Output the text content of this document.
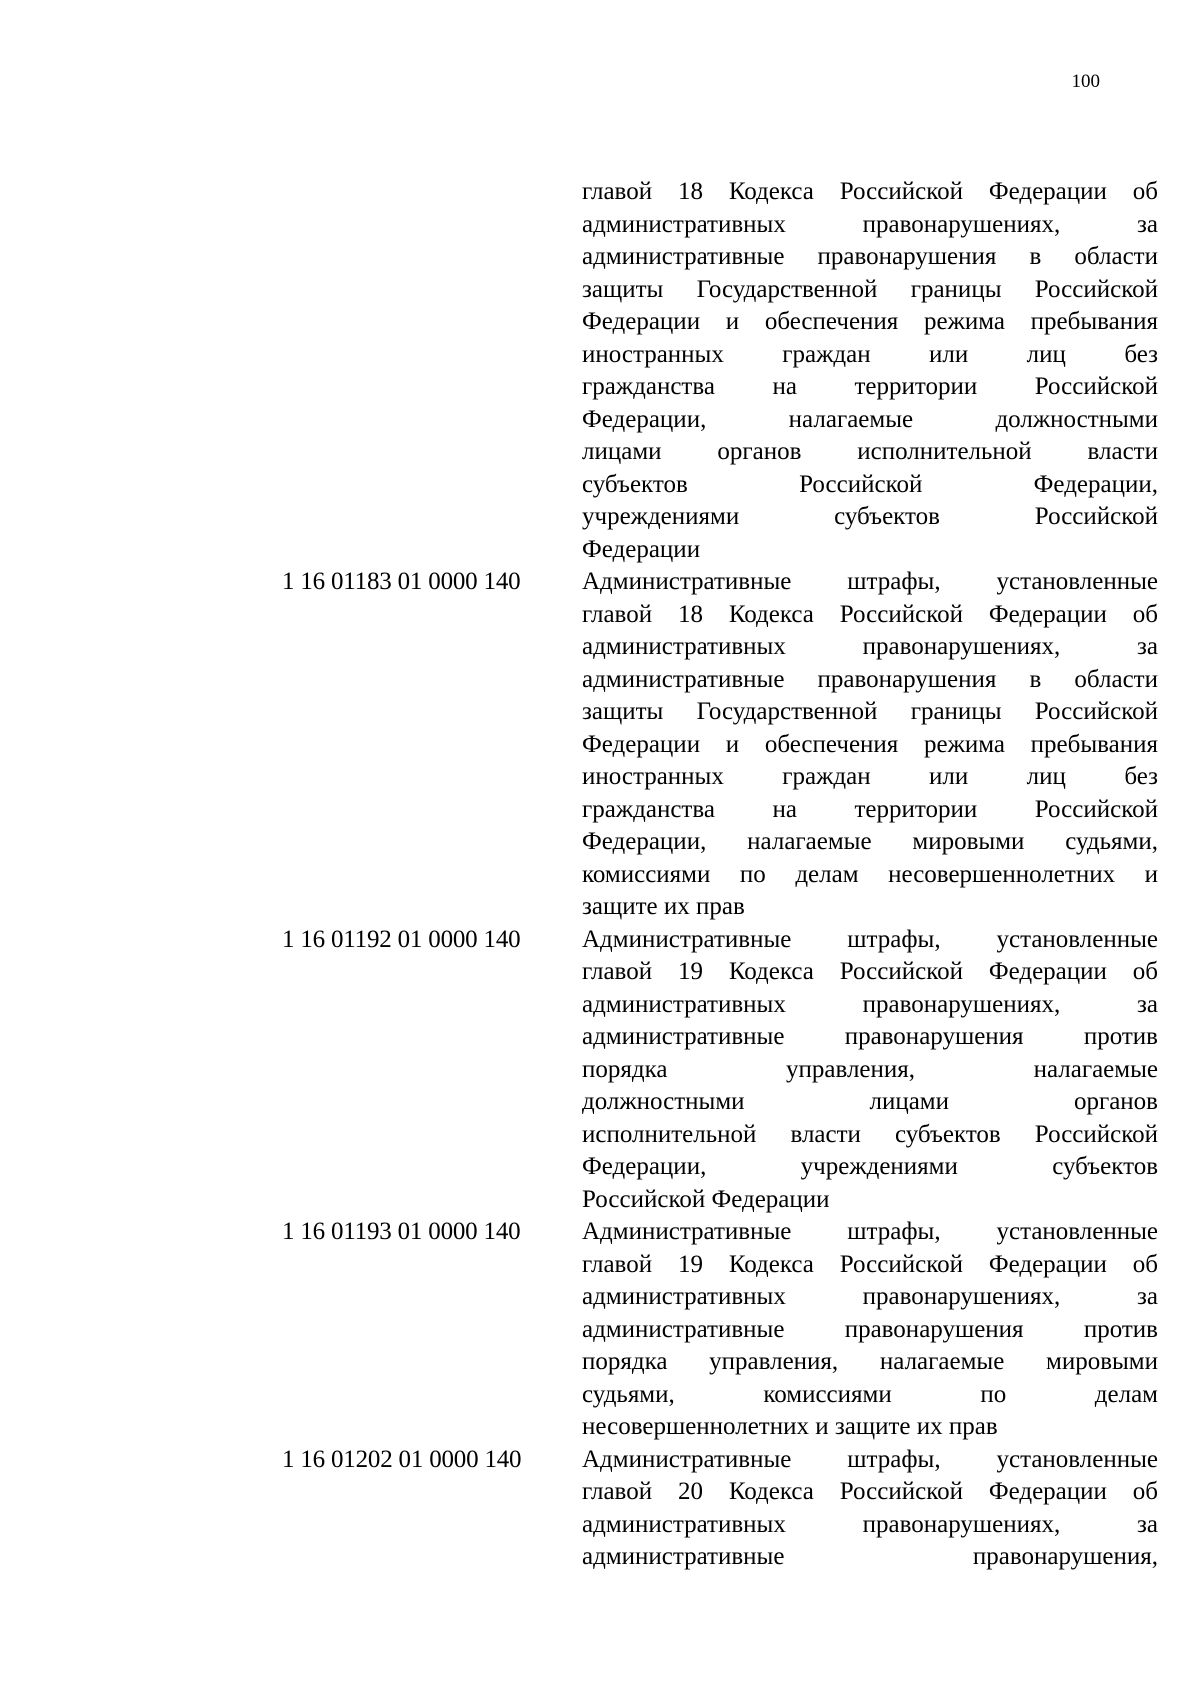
100
главой 18 Кодекса Российской Федерации об
административных правонарушениях, за
административные правонарушения в области
защиты Государственной границы Российской
Федерации и обеспечения режима пребывания
иностранных граждан или лиц без
гражданства на территории Российской
Федерации, налагаемые должностными
лицами органов исполнительной власти
субъектов Российской Федерации,
учреждениями субъектов Российской
Федерации
1 16 01183 01 0000 140	Административные штрафы, установленные
главой 18 Кодекса Российской Федерации об
административных правонарушениях, за
административные правонарушения в области
защиты Государственной границы Российской
Федерации и обеспечения режима пребывания
иностранных граждан или лиц без
гражданства на территории Российской
Федерации, налагаемые мировыми судьями,
комиссиями по делам несовершеннолетних и
защите их прав
1 16 01192 01 0000 140	Административные штрафы, установленные
главой 19 Кодекса Российской Федерации об
административных правонарушениях, за
административные правонарушения против
порядка управления, налагаемые
должностными лицами органов
исполнительной власти субъектов Российской
Федерации, учреждениями субъектов
Российской Федерации
1 16 01193 01 0000 140	Административные штрафы, установленные
главой 19 Кодекса Российской Федерации об
административных правонарушениях, за
административные правонарушения против
порядка управления, налагаемые мировыми
судьями, комиссиями по делам
несовершеннолетних и защите их прав
1 16 01202 01 0000 140	Административные штрафы, установленные
главой 20 Кодекса Российской Федерации об
административных правонарушениях, за
административные правонарушения,
